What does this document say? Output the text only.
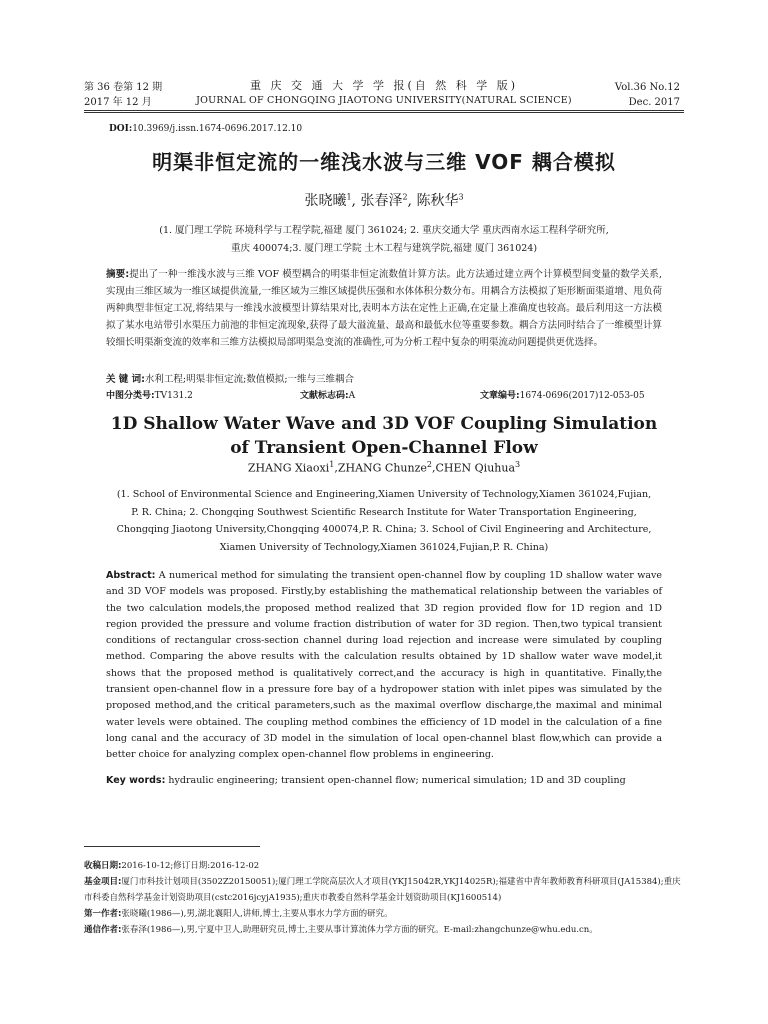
第 36 卷第 12 期
2017 年 12 月
重 庆 交 通 大 学 学 报(自 然 科 学 版)
JOURNAL OF CHONGQING JIAOTONG UNIVERSITY(NATURAL SCIENCE)
Vol.36 No.12
Dec. 2017
DOI:10.3969/j.issn.1674-0696.2017.12.10
明渠非恒定流的一维浅水波与三维 VOF 耦合模拟
张晓曦$^1$, 张春泽$^2$, 陈秋华$^3$
(1. 厦门理工学院 环境科学与工程学院,福建 厦门 361024; 2. 重庆交通大学 重庆西南水运工程科学研究所,
重庆 400074;3. 厦门理工学院 土木工程与建筑学院,福建 厦门 361024)
摘要:提出了一种一维浅水波与三维 VOF 模型耦合的明渠非恒定流数值计算方法。此方法通过建立两个计算模型间变量的数学关系,实现由三维区域为一维区域提供流量,一维区域为三维区域提供压强和水体体积分数分布。用耦合方法模拟了矩形断面渠道增、甩负荷两种典型非恒定工况,将结果与一维浅水波模型计算结果对比,表明本方法在定性上正确,在定量上准确度也较高。最后利用这一方法模拟了某水电站带引水渠压力前池的非恒定流现象,获得了最大溢流量、最高和最低水位等重要参数。耦合方法同时结合了一维模型计算较细长明渠渐变流的效率和三维方法模拟局部明渠急变流的准确性,可为分析工程中复杂的明渠流动问题提供更优选择。
关 键 词:水利工程;明渠非恒定流;数值模拟;一维与三维耦合
中图分类号:TV131.2	文献标志码:A	文章编号:1674-0696(2017)12-053-05
1D Shallow Water Wave and 3D VOF Coupling Simulation
of Transient Open-Channel Flow
ZHANG Xiaoxi$^1$,ZHANG Chunze$^2$,CHEN Qiuhua$^3$
(1. School of Environmental Science and Engineering,Xiamen University of Technology,Xiamen 361024,Fujian,
P. R. China; 2. Chongqing Southwest Scientific Research Institute for Water Transportation Engineering,
Chongqing Jiaotong University,Chongqing 400074,P. R. China; 3. School of Civil Engineering and Architecture,
Xiamen University of Technology,Xiamen 361024,Fujian,P. R. China)
Abstract: A numerical method for simulating the transient open-channel flow by coupling 1D shallow water wave and 3D VOF models was proposed. Firstly,by establishing the mathematical relationship between the variables of the two calculation models,the proposed method realized that 3D region provided flow for 1D region and 1D region provided the pressure and volume fraction distribution of water for 3D region. Then,two typical transient conditions of rectangular cross-section channel during load rejection and increase were simulated by coupling method. Comparing the above results with the calculation results obtained by 1D shallow water wave model,it shows that the proposed method is qualitatively correct,and the accuracy is high in quantitative. Finally,the transient open-channel flow in a pressure fore bay of a hydropower station with inlet pipes was simulated by the proposed method,and the critical parameters,such as the maximal overflow discharge,the maximal and minimal water levels were obtained. The coupling method combines the efficiency of 1D model in the calculation of a fine long canal and the accuracy of 3D model in the simulation of local open-channel blast flow,which can provide a better choice for analyzing complex open-channel flow problems in engineering.
Key words: hydraulic engineering; transient open-channel flow; numerical simulation; 1D and 3D coupling
收稿日期:2016-10-12;修订日期:2016-12-02
基金项目:厦门市科技计划项目(3502Z20150051);厦门理工学院高层次人才项目(YKJ15042R,YKJ14025R);福建省中青年教师教育科研项目(JA15384);重庆市科委自然科学基金计划资助项目(cstc2016jcyjA1935);重庆市教委自然科学基金计划资助项目(KJ1600514)
第一作者:张晓曦(1986—),男,湖北襄阳人,讲师,博士,主要从事水力学方面的研究。
通信作者:张春泽(1986—),男,宁夏中卫人,助理研究员,博士,主要从事计算流体力学方面的研究。E-mail:zhangchunze@whu.edu.cn。
